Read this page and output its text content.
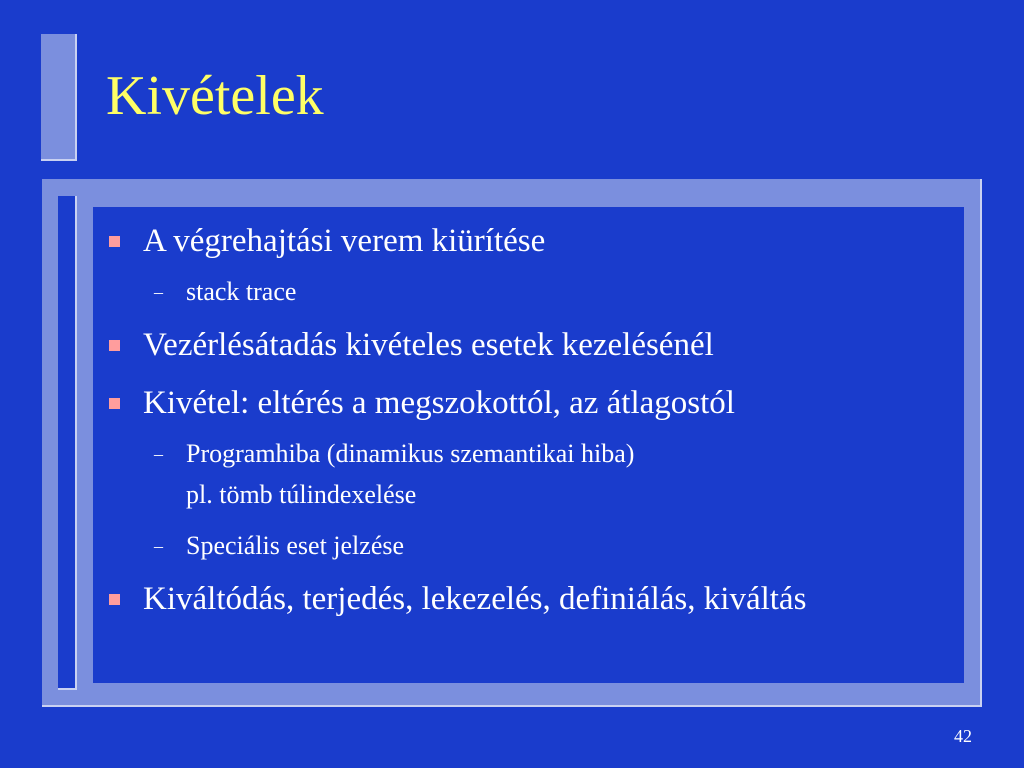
Kivételek
A végrehajtási verem kiürítése
– stack trace
Vezérlésátadás kivételes esetek kezelésénél
Kivétel: eltérés a megszokottól, az átlagostól
– Programhiba (dinamikus szemantikai hiba)
pl. tömb túlindexelése
– Speciális eset jelzése
Kiváltódás, terjedés, lekezelés, definiálás, kiváltás
42
